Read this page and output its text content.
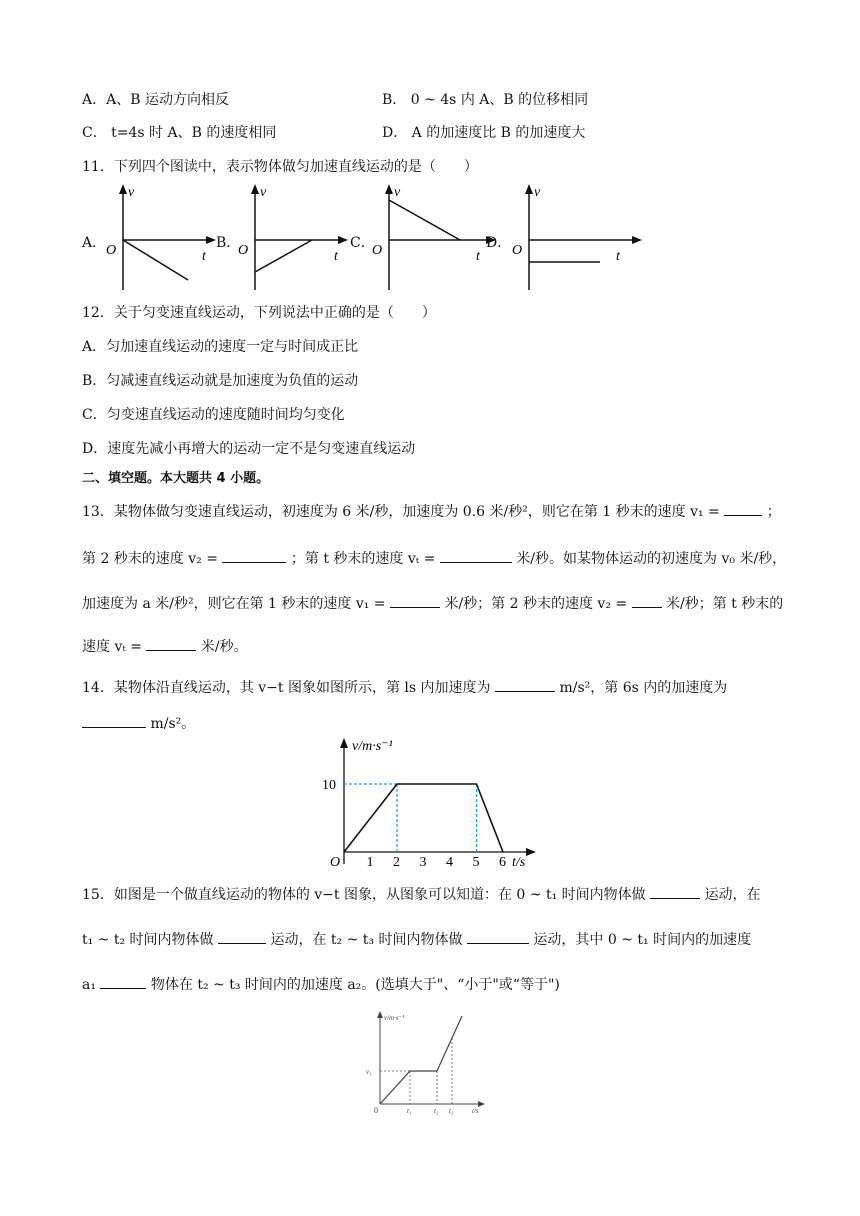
A．A、B 运动方向相反	B． 0 ~ 4s 内 A、B 的位移相同
C． t=4s 时 A、B 的速度相同	D． A 的加速度比 B 的加速度大
11．下列四个图读中，表示物体做匀加速直线运动的是（　　）
A．
v
O	t
B．
v
O	t
C．
v
O	t
D．
v
O	t
12．关于匀变速直线运动，下列说法中正确的是（　　）
A．匀加速直线运动的速度一定与时间成正比
B．匀减速直线运动就是加速度为负值的运动
C．匀变速直线运动的速度随时间均匀变化
D．速度先减小再增大的运动一定不是匀变速直线运动
二、填空题。本大题共 4 小题。
13．某物体做匀变速直线运动，初速度为 6 米/秒，加速度为 0.6 米/秒²，则它在第 1 秒末的速度 v₁ =	；
第 2 秒末的速度 v₂ =	；第 t 秒末的速度 vₜ =	米/秒。如某物体运动的初速度为 v₀ 米/秒，
加速度为 a 米/秒²，则它在第 1 秒末的速度 v₁ =	米/秒；第 2 秒末的速度 v₂ =	米/秒；第 t 秒末的
速度 vₜ =	米/秒。
14．某物体沿直线运动，其 v−t 图象如图所示，第 ls 内加速度为	m/s²，第 6s 内的加速度为
m/s²。
v/m·s⁻¹
t/s
O
10
1 2 3 4 5 6
15．如图是一个做直线运动的物体的 v−t 图象，从图象可以知道：在 0 ~ t₁ 时间内物体做	运动，在
t₁ ~ t₂ 时间内物体做	运动，在 t₂ ~ t₃ 时间内物体做	运动，其中 0 ~ t₁ 时间内的加速度
a₁	物体在 t₂ ~ t₃ 时间内的加速度 a₂。(选填大于"、“小于"或“等于")
v/m·s⁻¹
0
v₁
t₁	t₂ t₃	t/s
